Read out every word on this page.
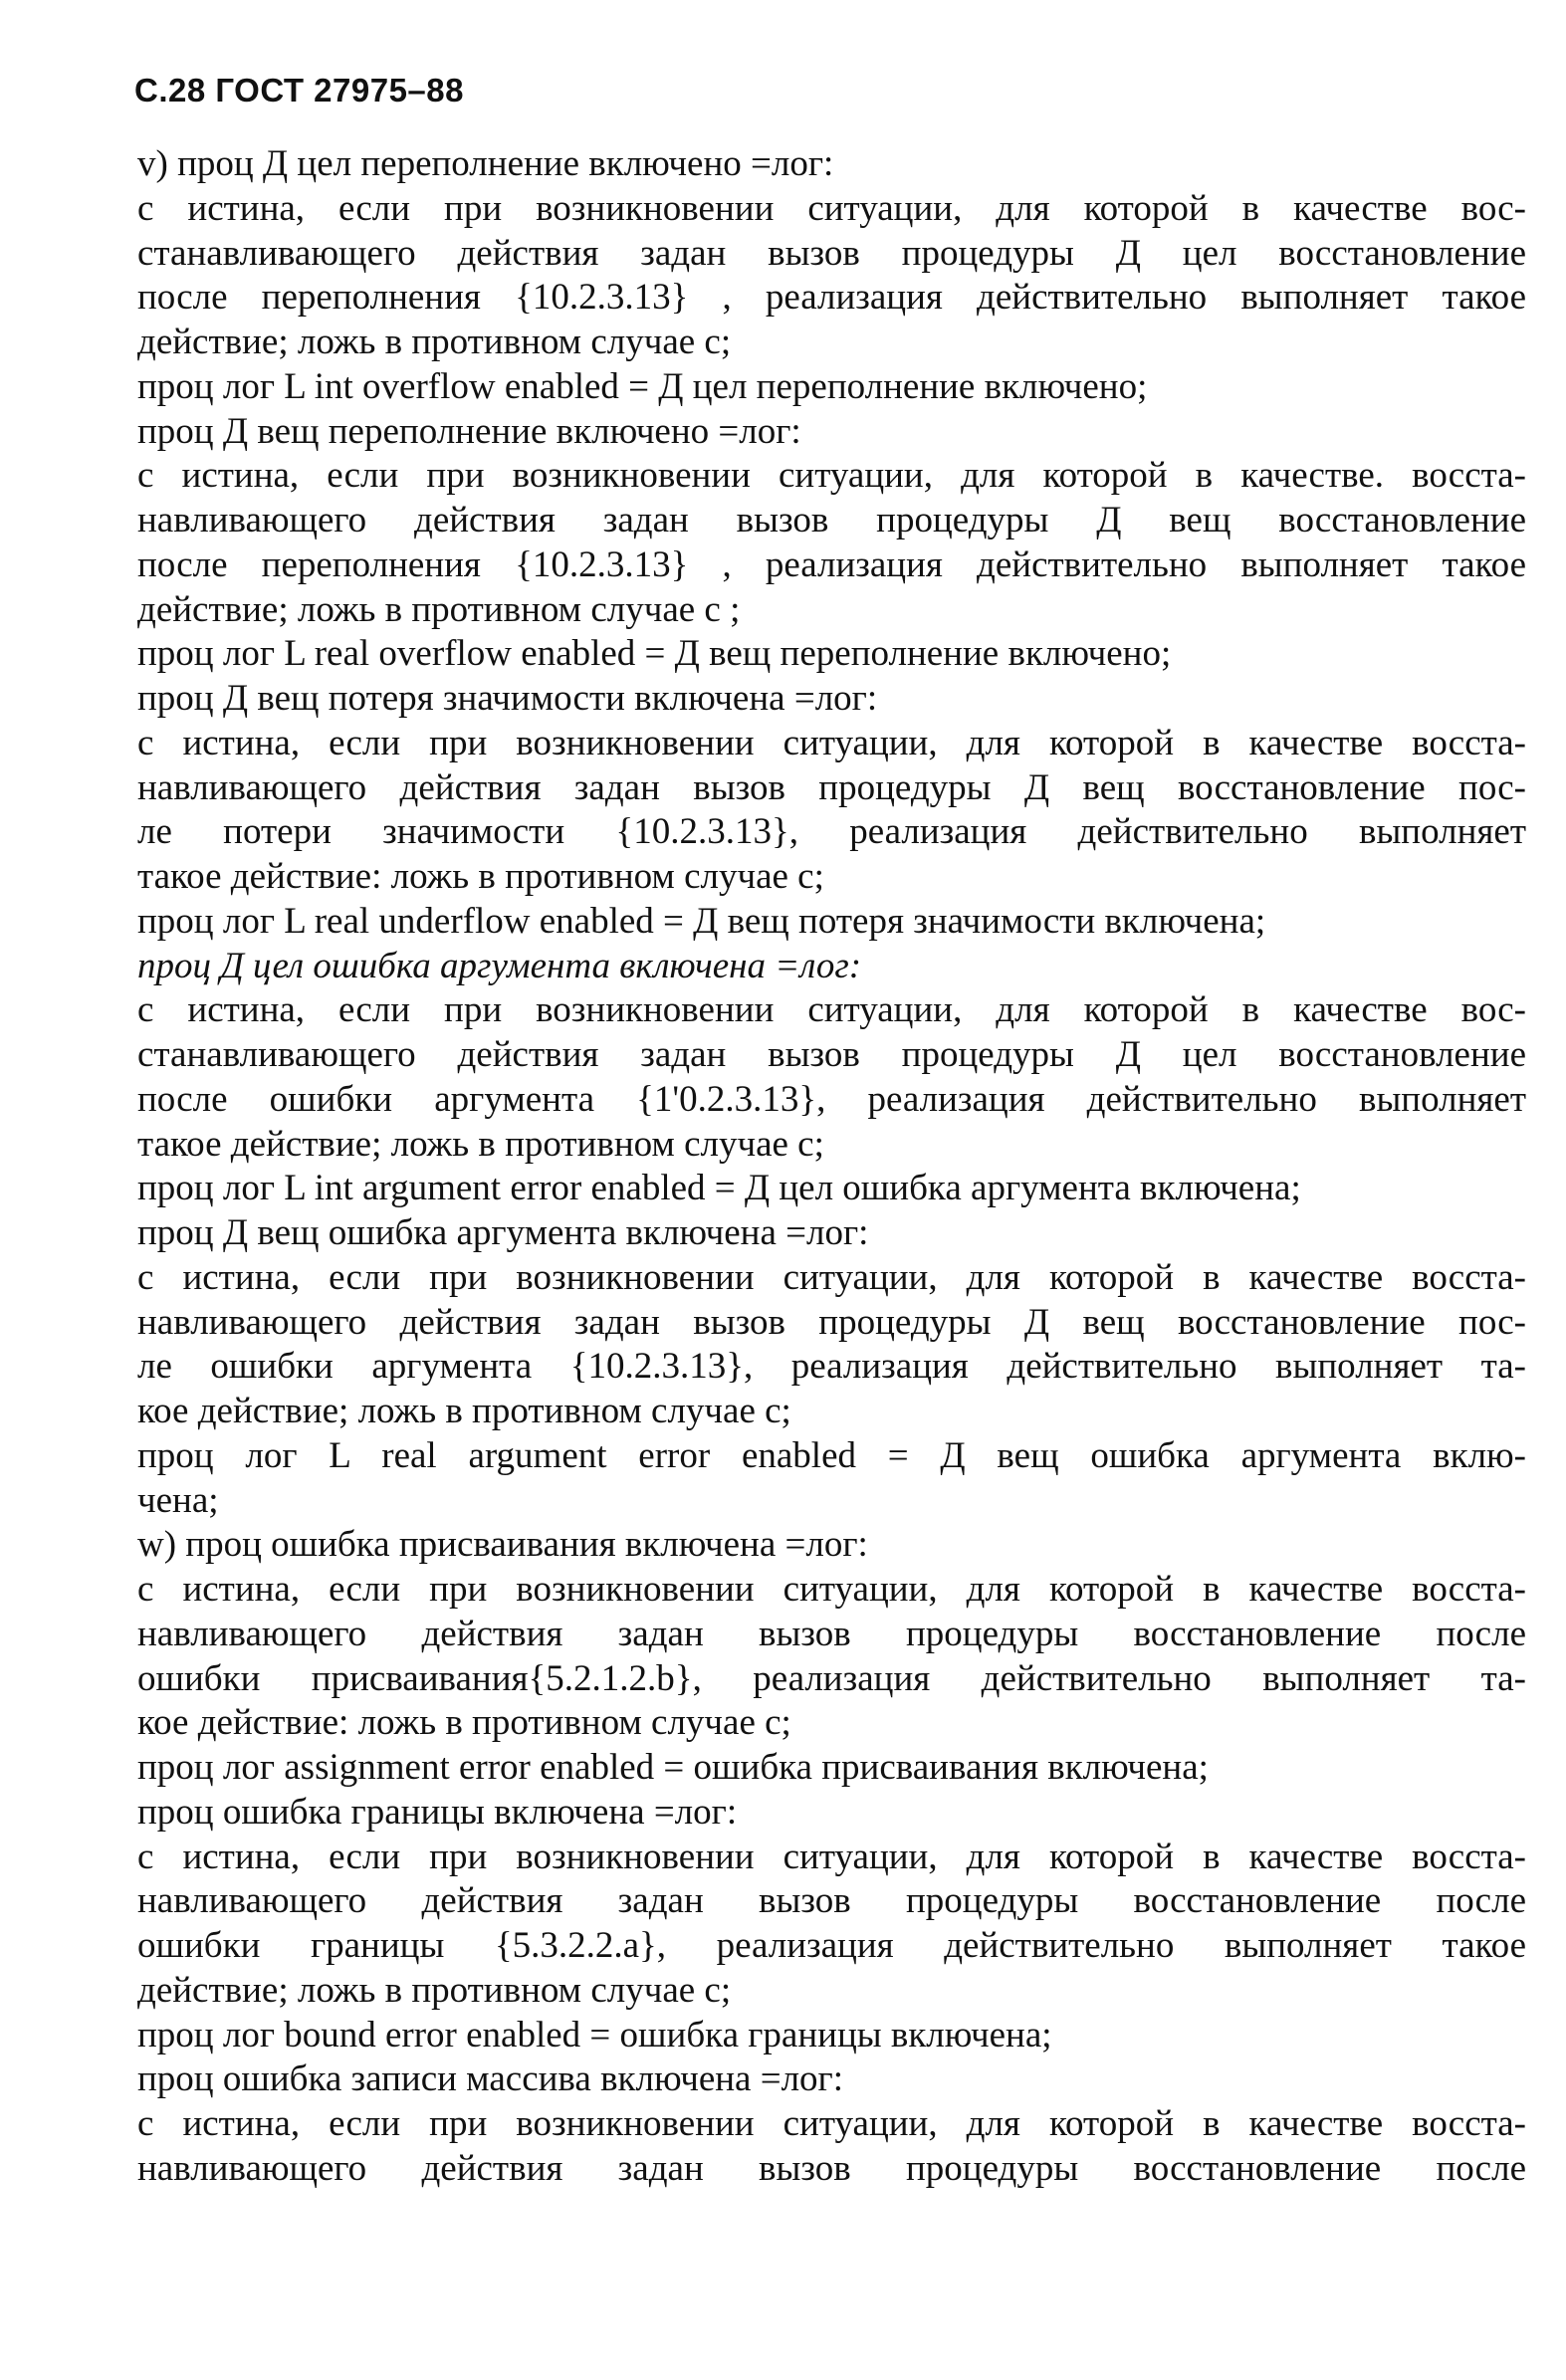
С.28 ГОСТ 27975–88
v) проц Д цел переполнение включено =лог:
с истина, если при возникновении ситуации, для которой в качестве вос-
станавливающего действия задан вызов процедуры Д цел восстановление
после переполнения {10.2.3.13} , реализация действительно выполняет такое
действие; ложь в противном случае с;
проц лог L int overflow enabled = Д цел переполнение включено;
проц Д вещ переполнение включено =лог:
с истина, если при возникновении ситуации, для которой в качестве. восста-
навливающего действия задан вызов процедуры Д вещ восстановление
после переполнения {10.2.3.13} , реализация действительно выполняет такое
действие; ложь в противном случае с ;
проц лог L real overflow enabled = Д вещ переполнение включено;
проц Д вещ потеря значимости включена =лог:
с истина, если при возникновении ситуации, для которой в качестве восста-
навливающего действия задан вызов процедуры Д вещ восстановление пос-
ле потери значимости {10.2.3.13}, реализация действительно выполняет
такое действие: ложь в противном случае с;
проц лог L real underflow enabled = Д вещ потеря значимости включена;
проц Д цел ошибка аргумента включена =лог:
с истина, если при возникновении ситуации, для которой в качестве вос-
станавливающего действия задан вызов процедуры Д цел восстановление
после ошибки аргумента {1'0.2.3.13}, реализация действительно выполняет
такое действие; ложь в противном случае с;
проц лог L int argument error enabled = Д цел ошибка аргумента включена;
проц Д вещ ошибка аргумента включена =лог:
с истина, если при возникновении ситуации, для которой в качестве восста-
навливающего действия задан вызов процедуры Д вещ восстановление пос-
ле ошибки аргумента {10.2.3.13}, реализация действительно выполняет та-
кое действие; ложь в противном случае с;
проц лог L real argument error enabled = Д вещ ошибка аргумента вклю-
чена;
w) проц ошибка присваивания включена =лог:
с истина, если при возникновении ситуации, для которой в качестве восста-
навливающего действия задан вызов процедуры восстановление после
ошибки присваивания{5.2.1.2.b}, реализация действительно выполняет та-
кое действие: ложь в противном случае с;
проц лог assignment error enabled = ошибка присваивания включена;
проц ошибка границы включена =лог:
с истина, если при возникновении ситуации, для которой в качестве восста-
навливающего действия задан вызов процедуры восстановление после
ошибки границы {5.3.2.2.a}, реализация действительно выполняет такое
действие; ложь в противном случае с;
проц лог bound error enabled = ошибка границы включена;
проц ошибка записи массива включена =лог:
с истина, если при возникновении ситуации, для которой в качестве восста-
навливающего действия задан вызов процедуры восстановление после
